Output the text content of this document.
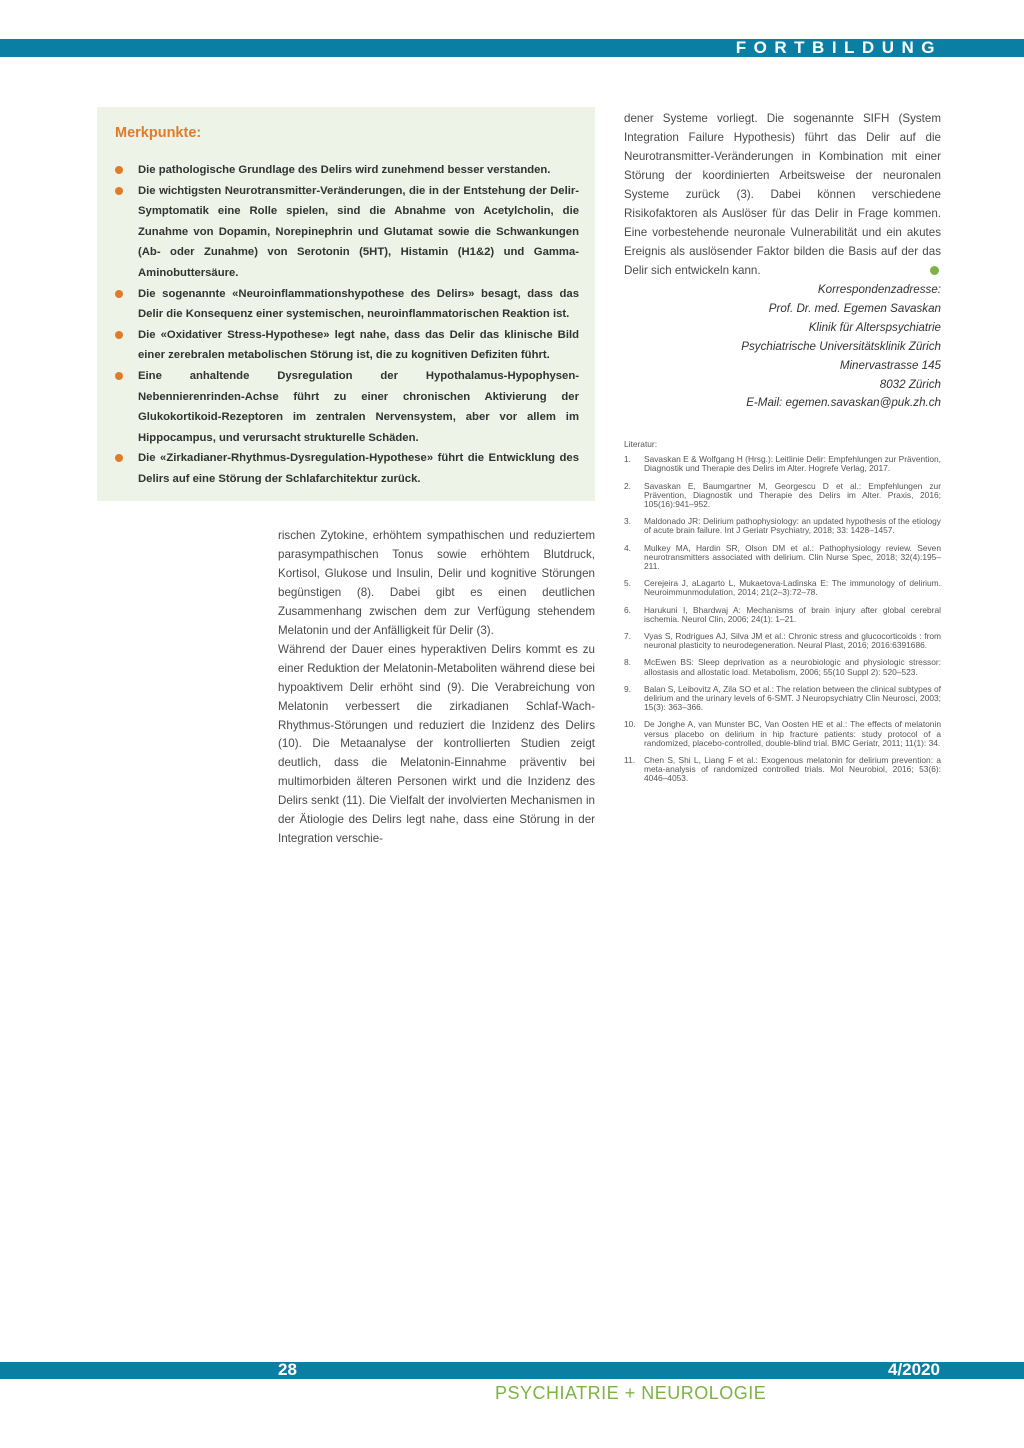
FORTBILDUNG
Merkpunkte:
Die pathologische Grundlage des Delirs wird zunehmend besser verstanden.
Die wichtigsten Neurotransmitter-Veränderungen, die in der Entstehung der Delir-Symptomatik eine Rolle spielen, sind die Abnahme von Acetylcholin, die Zunahme von Dopamin, Norepinephrin und Glutamat sowie die Schwankungen (Ab- oder Zunahme) von Serotonin (5HT), Histamin (H1&2) und Gamma-Aminobuttersäure.
Die sogenannte «Neuroinflammationshypothese des Delirs» besagt, dass das Delir die Konsequenz einer systemischen, neuroinflammatorischen Reaktion ist.
Die «Oxidativer Stress-Hypothese» legt nahe, dass das Delir das klinische Bild einer zerebralen metabolischen Störung ist, die zu kognitiven Defiziten führt.
Eine anhaltende Dysregulation der Hypothalamus-Hypophysen-Nebennierenrinden-Achse führt zu einer chronischen Aktivierung der Glukokortikoid-Rezeptoren im zentralen Nervensystem, aber vor allem im Hippocampus, und verursacht strukturelle Schäden.
Die «Zirkadianer-Rhythmus-Dysregulation-Hypothese» führt die Entwicklung des Delirs auf eine Störung der Schlafarchitektur zurück.

rischen Zytokine, erhöhtem sympathischen und reduziertem parasympathischen Tonus sowie erhöhtem Blutdruck, Kortisol, Glukose und Insulin, Delir und kognitive Störungen begünstigen (8). Dabei gibt es einen deutlichen Zusammenhang zwischen dem zur Verfügung stehendem Melatonin und der Anfälligkeit für Delir (3).

Während der Dauer eines hyperaktiven Delirs kommt es zu einer Reduktion der Melatonin-Metaboliten während diese bei hypoaktivem Delir erhöht sind (9). Die Verabreichung von Melatonin verbessert die zirkadianen Schlaf-Wach-Rhythmus-Störungen und reduziert die Inzidenz des Delirs (10). Die Metaanalyse der kontrollierten Studien zeigt deutlich, dass die Melatonin-Einnahme präventiv bei multimorbiden älteren Personen wirkt und die Inzidenz des Delirs senkt (11). Die Vielfalt der involvierten Mechanismen in der Ätiologie des Delirs legt nahe, dass eine Störung in der Integration verschie-

dener Systeme vorliegt. Die sogenannte SIFH (System Integration Failure Hypothesis) führt das Delir auf die Neurotransmitter-Veränderungen in Kombination mit einer Störung der koordinierten Arbeitsweise der neuronalen Systeme zurück (3). Dabei können verschiedene Risikofaktoren als Auslöser für das Delir in Frage kommen. Eine vorbestehende neuronale Vulnerabilität und ein akutes Ereignis als auslösender Faktor bilden die Basis auf der das Delir sich entwickeln kann.

Korrespondenzadresse:
Prof. Dr. med. Egemen Savaskan
Klinik für Alterspsychiatrie
Psychiatrische Universitätsklinik Zürich
Minervastrasse 145
8032 Zürich
E-Mail: egemen.savaskan@puk.zh.ch
Literatur:
1. Savaskan E & Wolfgang H (Hrsg.): Leitlinie Delir: Empfehlungen zur Prävention, Diagnostik und Therapie des Delirs im Alter. Hogrefe Verlag, 2017.
2. Savaskan E, Baumgartner M, Georgescu D et al.: Empfehlungen zur Prävention, Diagnostik und Therapie des Delirs im Alter. Praxis, 2016; 105(16):941–952.
3. Maldonado JR: Delirium pathophysiology: an updated hypothesis of the etiology of acute brain failure. Int J Geriatr Psychiatry, 2018; 33: 1428–1457.
4. Mulkey MA, Hardin SR, Olson DM et al.: Pathophysiology review. Seven neurotransmitters associated with delirium. Clin Nurse Spec, 2018; 32(4):195–211.
5. Cerejeira J, aLagarto L, Mukaetova-Ladinska E: The immunology of delirium. Neuroimmunmodulation, 2014; 21(2–3):72–78.
6. Harukuni I, Bhardwaj A: Mechanisms of brain injury after global cerebral ischemia. Neurol Clin, 2006; 24(1): 1–21.
7. Vyas S, Rodrigues AJ, Silva JM et al.: Chronic stress and glucocorticoids : from neuronal plasticity to neurodegeneration. Neural Plast, 2016; 2016:6391686.
8. McEwen BS: Sleep deprivation as a neurobiologic and physiologic stressor: allostasis and allostatic load. Metabolism, 2006; 55(10 Suppl 2): 520–523.
9. Balan S, Leibovitz A, Zila SO et al.: The relation between the clinical subtypes of delirium and the urinary levels of 6-SMT. J Neuropsychiatry Clin Neurosci, 2003; 15(3): 363–366.
10. De Jonghe A, van Munster BC, Van Oosten HE et al.: The effects of melatonin versus placebo on delirium in hip fracture patients: study protocol of a randomized, placebo-controlled, double-blind trial. BMC Geriatr, 2011; 11(1): 34.
11. Chen S, Shi L, Liang F et al.: Exogenous melatonin for delirium prevention: a meta-analysis of randomized controlled trials. Mol Neurobiol, 2016; 53(6): 4046–4053.
28	4/2020
PSYCHIATRIE + NEUROLOGIE
